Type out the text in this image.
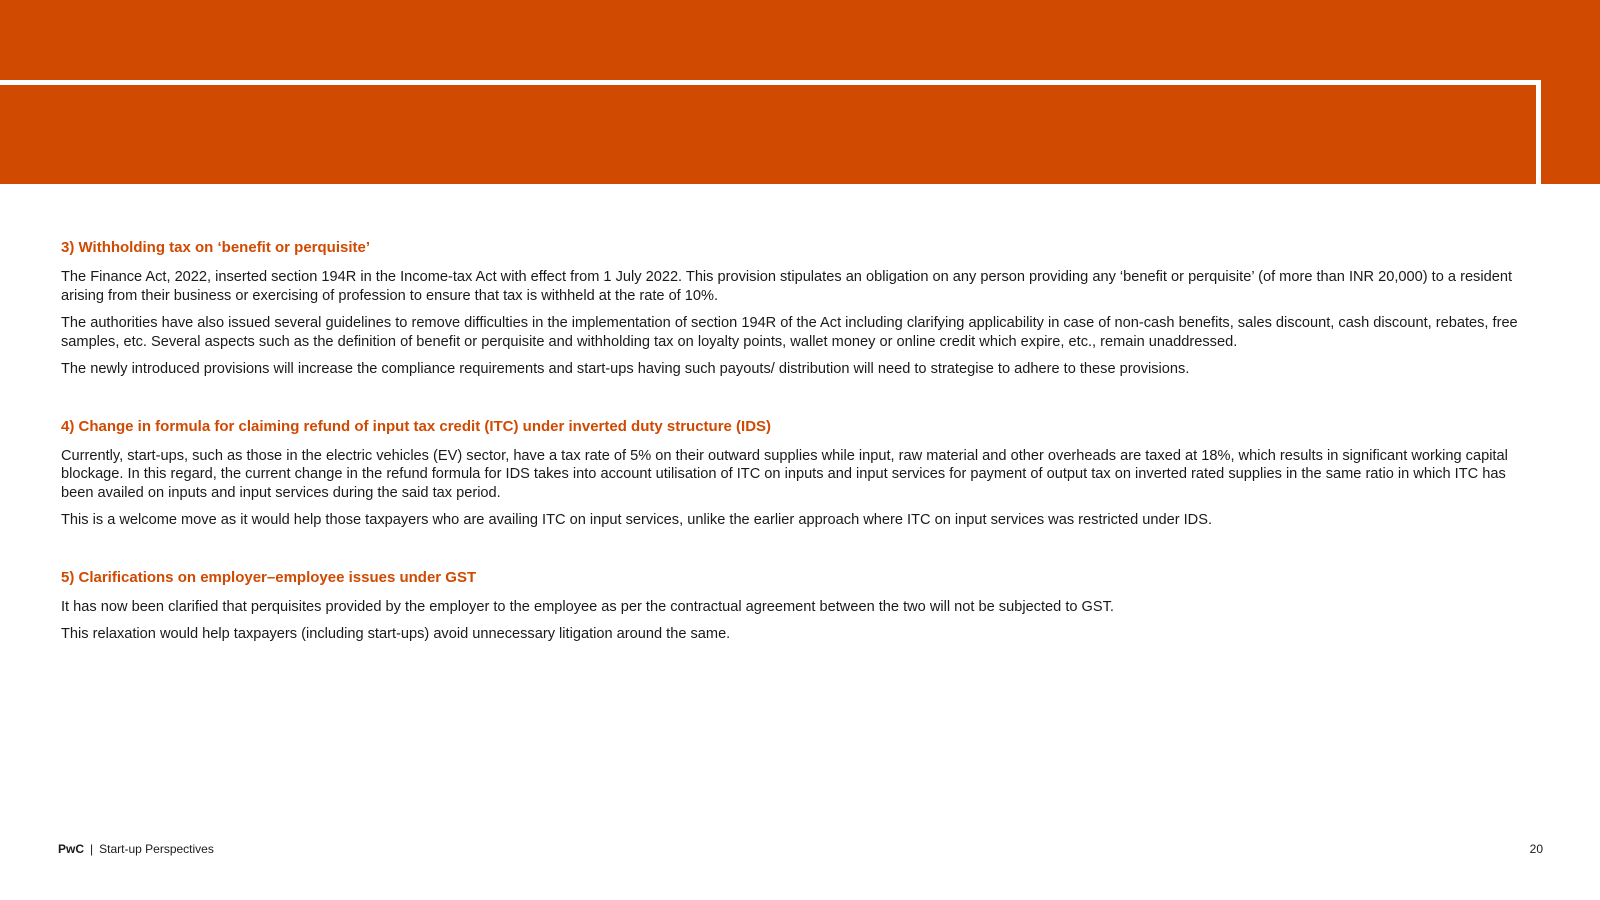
3) Withholding tax on ‘benefit or perquisite’

The Finance Act, 2022, inserted section 194R in the Income-tax Act with effect from 1 July 2022. This provision stipulates an obligation on any person providing any ‘benefit or perquisite’ (of more than INR 20,000) to a resident arising from their business or exercising of profession to ensure that tax is withheld at the rate of 10%.

The authorities have also issued several guidelines to remove difficulties in the implementation of section 194R of the Act including clarifying applicability in case of non-cash benefits, sales discount, cash discount, rebates, free samples, etc. Several aspects such as the definition of benefit or perquisite and withholding tax on loyalty points, wallet money or online credit which expire, etc., remain unaddressed.

The newly introduced provisions will increase the compliance requirements and start-ups having such payouts/ distribution will need to strategise to adhere to these provisions.

4) Change in formula for claiming refund of input tax credit (ITC) under inverted duty structure (IDS)

Currently, start-ups, such as those in the electric vehicles (EV) sector, have a tax rate of 5% on their outward supplies while input, raw material and other overheads are taxed at 18%, which results in significant working capital blockage. In this regard, the current change in the refund formula for IDS takes into account utilisation of ITC on inputs and input services for payment of output tax on inverted rated supplies in the same ratio in which ITC has been availed on inputs and input services during the said tax period.

This is a welcome move as it would help those taxpayers who are availing ITC on input services, unlike the earlier approach where ITC on input services was restricted under IDS.

5) Clarifications on employer–employee issues under GST

It has now been clarified that perquisites provided by the employer to the employee as per the contractual agreement between the two will not be subjected to GST.

This relaxation would help taxpayers (including start-ups) avoid unnecessary litigation around the same.

PwC | Start-up Perspectives	20
